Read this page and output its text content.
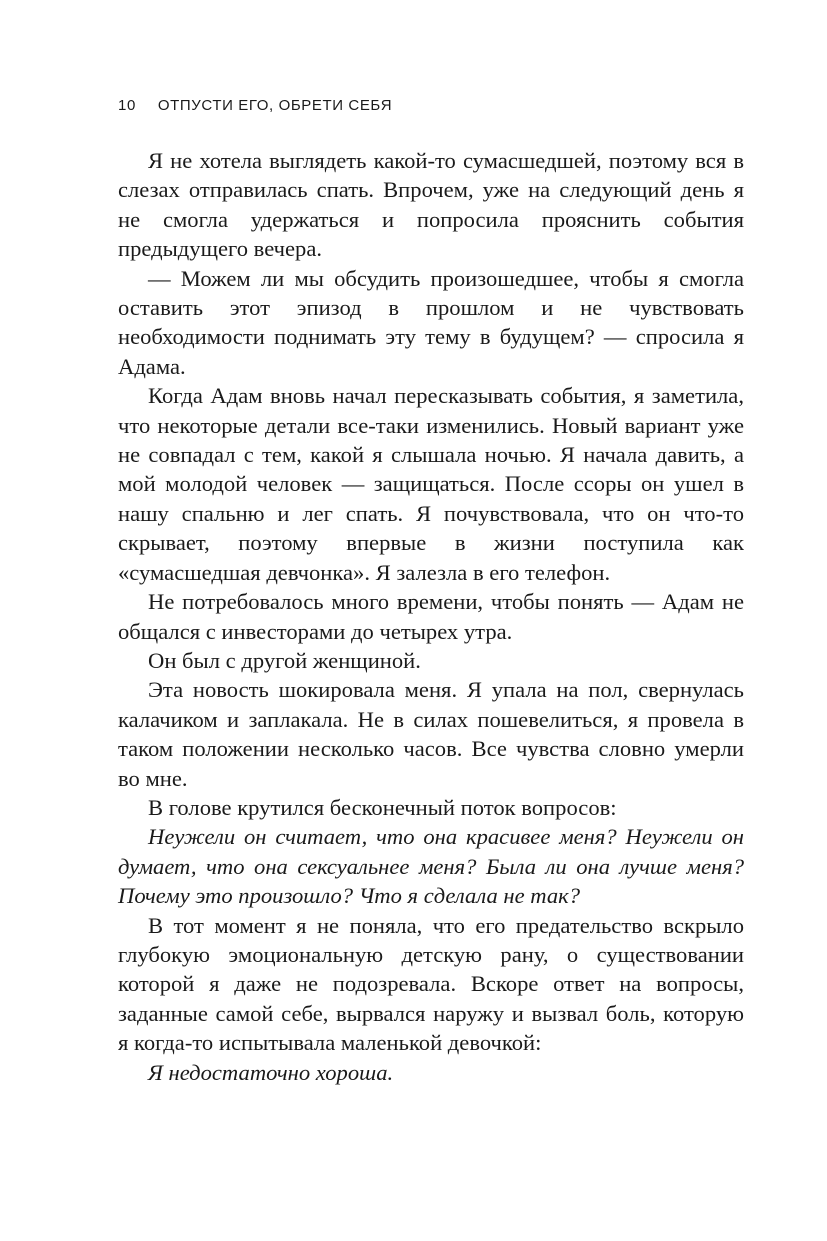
10 ОТПУСТИ ЕГО, ОБРЕТИ СЕБЯ

Я не хотела выглядеть какой-то сумасшедшей, поэтому вся в слезах отправилась спать. Впрочем, уже на следующий день я не смогла удержаться и попросила прояснить события предыдущего вечера.

— Можем ли мы обсудить произошедшее, чтобы я смогла оставить этот эпизод в прошлом и не чувствовать необходимости поднимать эту тему в будущем? — спросила я Адама.

Когда Адам вновь начал пересказывать события, я заметила, что некоторые детали все-таки изменились. Новый вариант уже не совпадал с тем, какой я слышала ночью. Я начала давить, а мой молодой человек — защищаться. После ссоры он ушел в нашу спальню и лег спать. Я почувствовала, что он что-то скрывает, поэтому впервые в жизни поступила как «сумасшедшая девчонка». Я залезла в его телефон.

Не потребовалось много времени, чтобы понять — Адам не общался с инвесторами до четырех утра.

Он был с другой женщиной.

Эта новость шокировала меня. Я упала на пол, свернулась калачиком и заплакала. Не в силах пошевелиться, я провела в таком положении несколько часов. Все чувства словно умерли во мне.

В голове крутился бесконечный поток вопросов:

Неужели он считает, что она красивее меня? Неужели он думает, что она сексуальнее меня? Была ли она лучше меня? Почему это произошло? Что я сделала не так?

В тот момент я не поняла, что его предательство вскрыло глубокую эмоциональную детскую рану, о существовании которой я даже не подозревала. Вскоре ответ на вопросы, заданные самой себе, вырвался наружу и вызвал боль, которую я когда-то испытывала маленькой девочкой:

Я недостаточно хороша.
